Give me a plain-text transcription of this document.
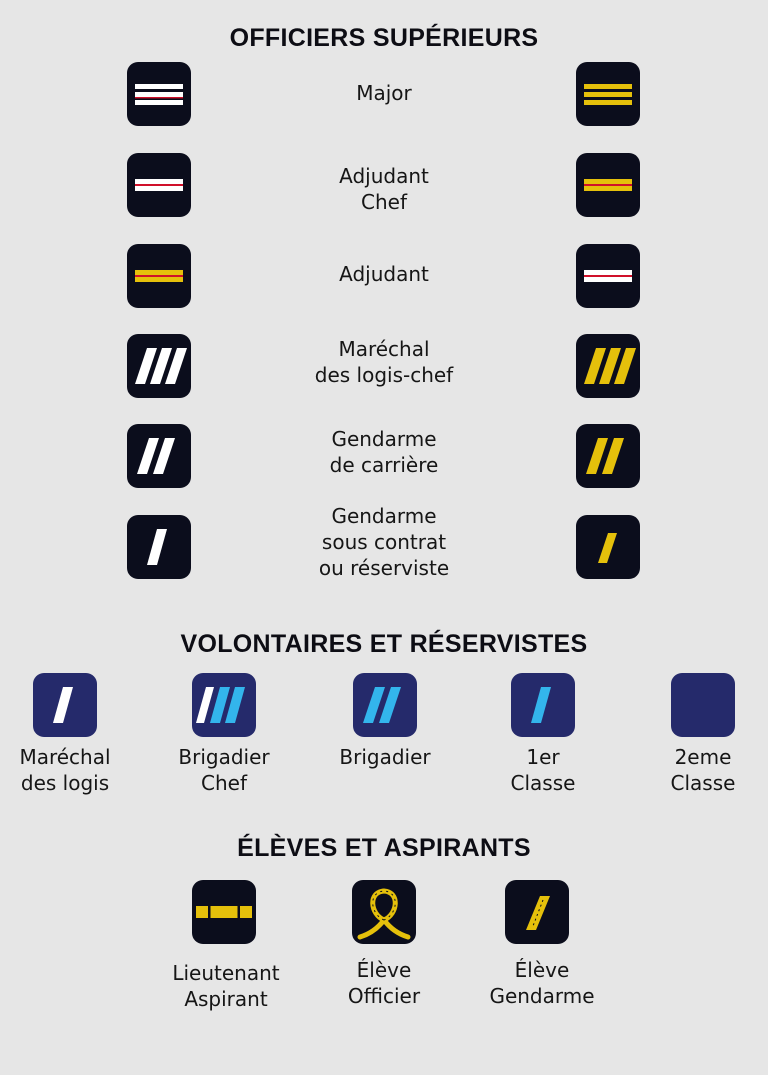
OFFICIERS SUPÉRIEURS
Major
Adjudant
Chef
Adjudant
Maréchal
des logis-chef
Gendarme
de carrière
Gendarme
sous contrat
ou réserviste
VOLONTAIRES ET RÉSERVISTES
Maréchal
des logis
Brigadier
Chef
Brigadier	1er
Classe
2eme
Classe
ÉLÈVES ET ASPIRANTS
Lieutenant
Aspirant
Élève
Officier
Élève
Gendarme
